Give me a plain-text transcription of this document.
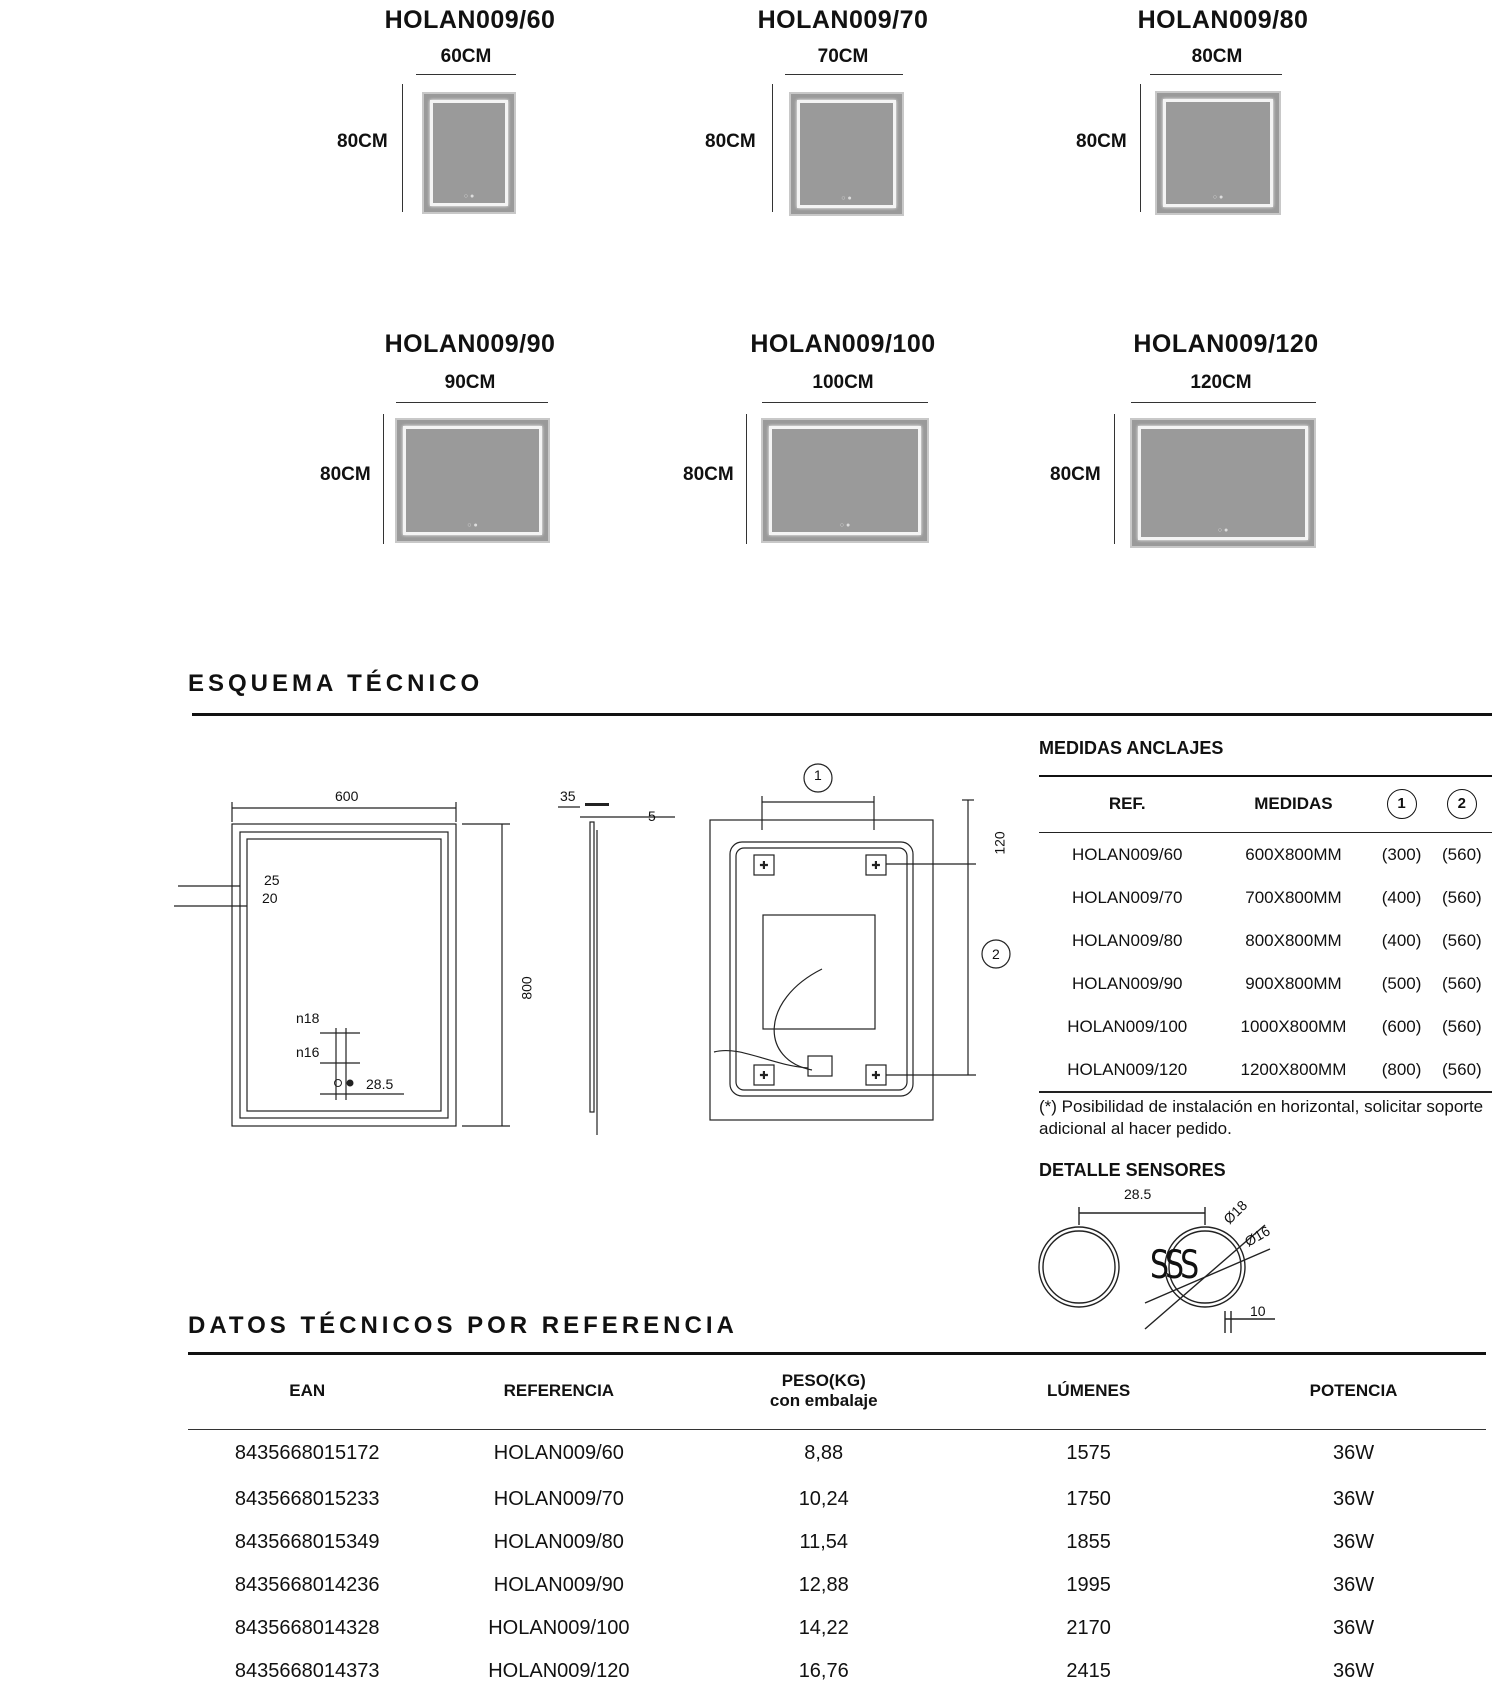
HOLAN009/60
60CM
80CM
○ ●
HOLAN009/70
70CM
80CM
○ ●
HOLAN009/80
80CM
80CM
○ ●
HOLAN009/90
90CM
80CM
○ ●
HOLAN009/100
100CM
80CM
○ ●
HOLAN009/120
120CM
80CM
○ ●
ESQUEMA TÉCNICO
600
800
25
20
n18
n16
28.5
35
5
✚	✚
✚	✚
1
2
120
MEDIDAS ANCLAJES
REF.	MEDIDAS	1	2
HOLAN009/60	600X800MM	(300)	(560)
HOLAN009/70	700X800MM	(400)	(560)
HOLAN009/80	800X800MM	(400)	(560)
HOLAN009/90	900X800MM	(500)	(560)
HOLAN009/100	1000X800MM	(600)	(560)
HOLAN009/120	1200X800MM	(800)	(560)
(*) Posibilidad de instalación en horizontal, solicitar soporte adicional al hacer pedido.
DETALLE SENSORES
SSS
28.5
Ø18
Ø16
10
DATOS TÉCNICOS POR REFERENCIA
EAN	REFERENCIA	PESO(KG)
con embalaje	LÚMENES	POTENCIA
8435668015172	HOLAN009/60	8,88	1575	36W
8435668015233	HOLAN009/70	10,24	1750	36W
8435668015349	HOLAN009/80	11,54	1855	36W
8435668014236	HOLAN009/90	12,88	1995	36W
8435668014328	HOLAN009/100	14,22	2170	36W
8435668014373	HOLAN009/120	16,76	2415	36W
